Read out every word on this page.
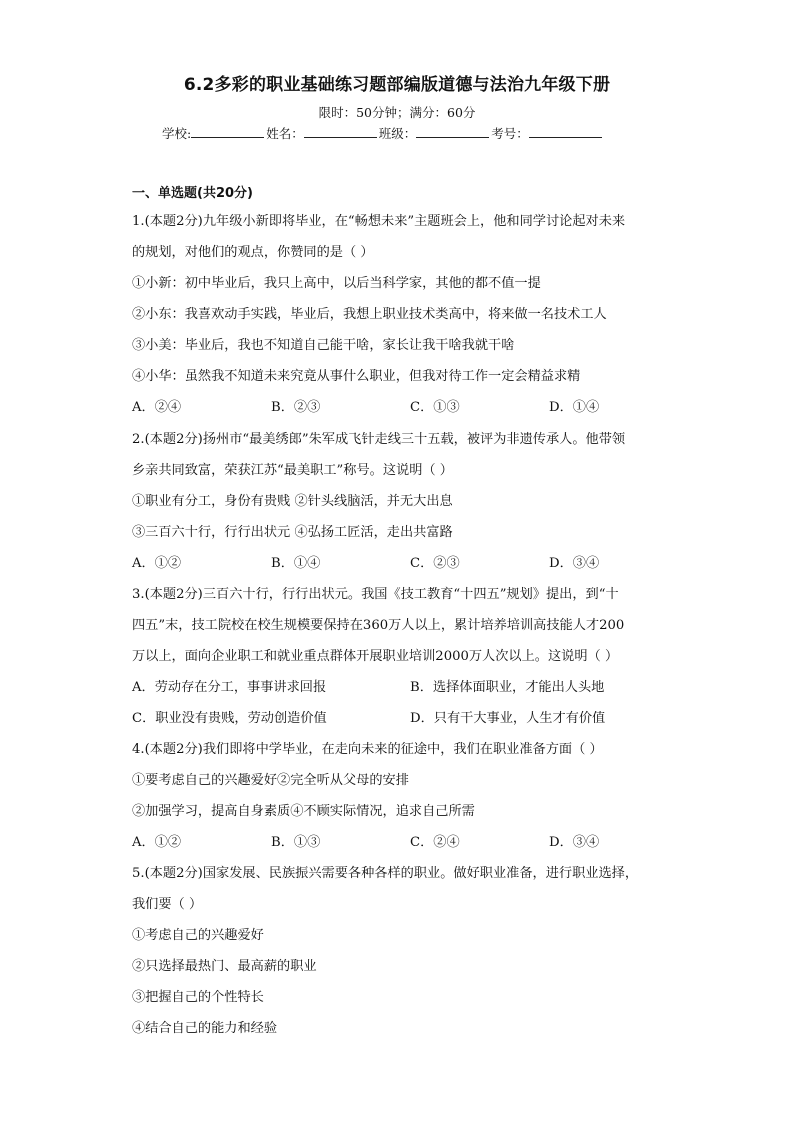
6.2多彩的职业基础练习题部编版道德与法治九年级下册
限时：50分钟；满分：60分
学校:	姓名：	班级：	考号：
一、单选题(共20分)
1.(本题2分)九年级小新即将毕业，在“畅想未来”主题班会上，他和同学讨论起对未来
的规划，对他们的观点，你赞同的是（ ）
①小新：初中毕业后，我只上高中，以后当科学家，其他的都不值一提
②小东：我喜欢动手实践，毕业后，我想上职业技术类高中，将来做一名技术工人
③小美：毕业后，我也不知道自己能干啥，家长让我干啥我就干啥
④小华：虽然我不知道未来究竟从事什么职业，但我对待工作一定会精益求精
A．②④	B．②③	C．①③	D．①④
2.(本题2分)扬州市“最美绣郎”朱军成飞针走线三十五载，被评为非遗传承人。他带领
乡亲共同致富，荣获江苏“最美职工”称号。这说明（ ）
①职业有分工，身份有贵贱 ②针头线脑活，并无大出息
③三百六十行，行行出状元 ④弘扬工匠活，走出共富路
A．①②	B．①④	C．②③	D．③④
3.(本题2分)三百六十行，行行出状元。我国《技工教育“十四五”规划》提出，到“十
四五”末，技工院校在校生规模要保持在360万人以上，累计培养培训高技能人才200
万以上，面向企业职工和就业重点群体开展职业培训2000万人次以上。这说明（ ）
A．劳动存在分工，事事讲求回报	B．选择体面职业，才能出人头地
C．职业没有贵贱，劳动创造价值	D．只有干大事业，人生才有价值
4.(本题2分)我们即将中学毕业，在走向未来的征途中，我们在职业准备方面（ ）
①要考虑自己的兴趣爱好②完全听从父母的安排
②加强学习，提高自身素质④不顾实际情况，追求自己所需
A．①②	B．①③	C．②④	D．③④
5.(本题2分)国家发展、民族振兴需要各种各样的职业。做好职业准备，进行职业选择，
我们要（ ）
①考虑自己的兴趣爱好
②只选择最热门、最高薪的职业
③把握自己的个性特长
④结合自己的能力和经验
